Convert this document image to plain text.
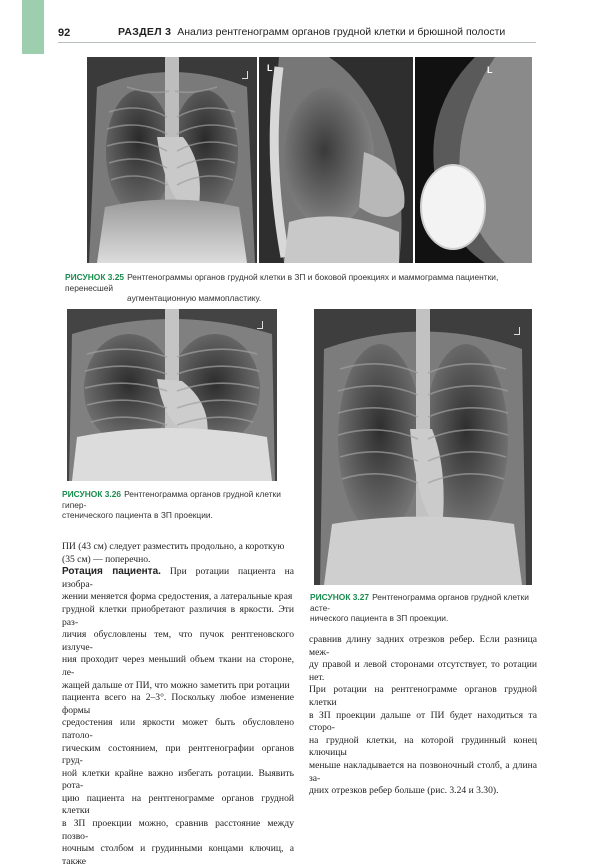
92	РАЗДЕЛ 3 Анализ рентгенограмм органов грудной клетки и брюшной полости
L	L
РИСУНОК 3.25 Рентгенограммы органов грудной клетки в ЗП и боковой проекциях и маммограмма пациентки, перенесшей
аугментационную маммопластику.
РИСУНОК 3.26 Рентгенограмма органов грудной клетки гипер-
стенического пациента в ЗП проекции.
РИСУНОК 3.27 Рентгенограмма органов грудной клетки асте-
нического пациента в ЗП проекции.

ПИ (43 см) следует разместить продольно, а короткую

(35 см) — поперечно.

Ротация пациента. При ротации пациента на изобра-

жении меняется форма средостения, а латеральные края

грудной клетки приобретают различия в яркости. Эти раз-

личия обусловлены тем, что пучок рентгеновского излуче-

ния проходит через меньший объем ткани на стороне, ле-

жащей дальше от ПИ, что можно заметить при ротации

пациента всего на 2–3°. Поскольку любое изменение формы

средостения или яркости может быть обусловлено патоло-

гическим состоянием, при рентгенографии органов груд-

ной клетки крайне важно избегать ротации. Выявить рота-

цию пациента на рентгенограмме органов грудной клетки

в ЗП проекции можно, сравнив расстояние между позво-

ночным столбом и грудинными концами ключиц, а также

сравнив длину задних отрезков ребер. Если разница меж-

ду правой и левой сторонами отсутствует, то ротации нет.

При ротации на рентгенограмме органов грудной клетки

в ЗП проекции дальше от ПИ будет находиться та сторо-

на грудной клетки, на которой грудинный конец ключицы

меньше накладывается на позвоночный столб, а длина за-

дних отрезков ребер больше (рис. 3.24 и 3.30).
